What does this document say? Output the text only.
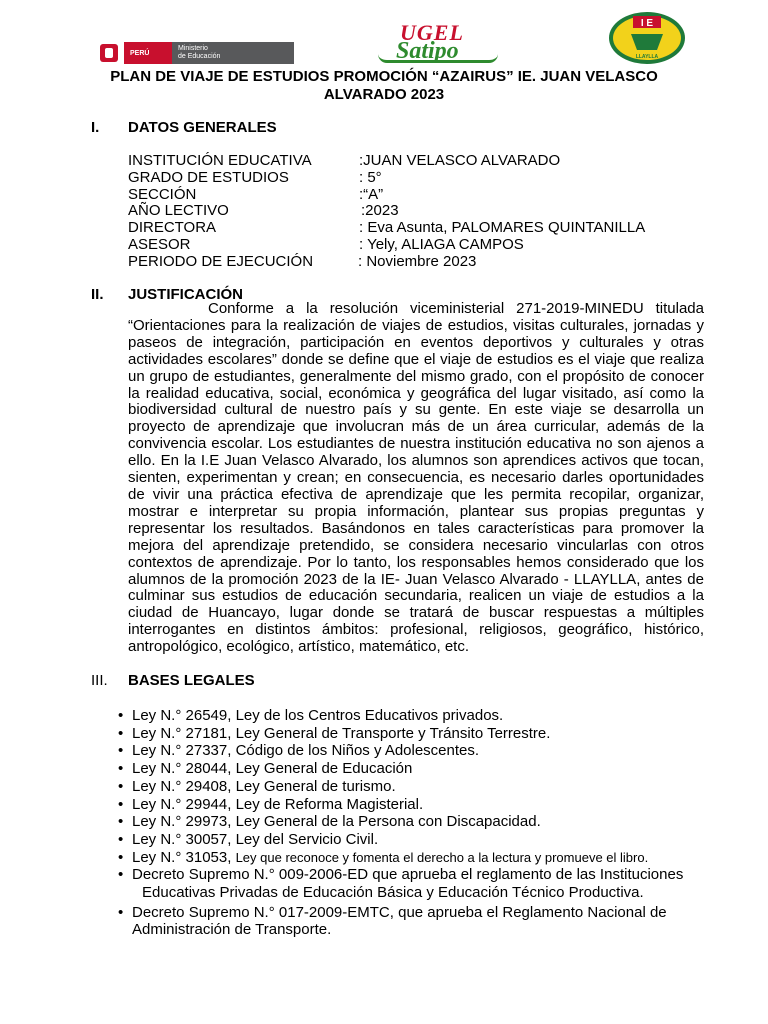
PERÚ
Ministerio
de Educación
UGEL
Satipo
I E
LLAYLLA
PLAN DE VIAJE DE ESTUDIOS PROMOCIÓN “AZAIRUS” IE. JUAN VELASCO
ALVARADO 2023
I. DATOS GENERALES
INSTITUCIÓN EDUCATIVA	:JUAN VELASCO ALVARADO
GRADO DE ESTUDIOS	: 5°
SECCIÓN	:“A”
AÑO LECTIVO	:2023
DIRECTORA	: Eva Asunta, PALOMARES QUINTANILLA
ASESOR	: Yely, ALIAGA CAMPOS
PERIODO DE EJECUCIÓN	: Noviembre 2023
II. JUSTIFICACIÓN

Conforme a la resolución viceministerial 271-2019-MINEDU titulada “Orientaciones para la realización de viajes de estudios, visitas culturales, jornadas y paseos de integración, participación en eventos deportivos y culturales y otras actividades escolares” donde se define que el viaje de estudios es el viaje que realiza un grupo de estudiantes, generalmente del mismo grado, con el propósito de conocer la realidad educativa, social, económica y geográfica del lugar visitado, así como la biodiversidad cultural de nuestro país y su gente. En este viaje se desarrolla un proyecto de aprendizaje que involucran más de un área curricular, además de la convivencia escolar. Los estudiantes de nuestra institución educativa no son ajenos a ello. En la I.E Juan Velasco Alvarado, los alumnos son aprendices activos que tocan, sienten, experimentan y crean; en consecuencia, es necesario darles oportunidades de vivir una práctica efectiva de aprendizaje que les permita recopilar, organizar, mostrar e interpretar su propia información, plantear sus propias preguntas y representar los resultados. Basándonos en tales características para promover la mejora del aprendizaje pretendido, se considera necesario vincularlas con otros contextos de aprendizaje. Por lo tanto, los responsables hemos considerado que los alumnos de la promoción 2023 de la IE- Juan Velasco Alvarado - LLAYLLA, antes de culminar sus estudios de educación secundaria, realicen un viaje de estudios a la ciudad de Huancayo, lugar donde se tratará de buscar respuestas a múltiples interrogantes en distintos ámbitos: profesional, religiosos, geográfico, histórico, antropológico, ecológico, artístico, matemático, etc.

III. BASES LEGALES
• Ley N.° 26549, Ley de los Centros Educativos privados.
• Ley N.° 27181, Ley General de Transporte y Tránsito Terrestre.
• Ley N.° 27337, Código de los Niños y Adolescentes.
• Ley N.° 28044, Ley General de Educación
• Ley N.° 29408, Ley General de turismo.
• Ley N.° 29944, Ley de Reforma Magisterial.
• Ley N.° 29973, Ley General de la Persona con Discapacidad.
• Ley N.° 30057, Ley del Servicio Civil.
• Ley N.° 31053, Ley que reconoce y fomenta el derecho a la lectura y promueve el libro.
• Decreto Supremo N.° 009-2006-ED que aprueba el reglamento de las Instituciones
Educativas Privadas de Educación Básica y Educación Técnico Productiva.
• Decreto Supremo N.° 017-2009-EMTC, que aprueba el Reglamento Nacional de
Administración de Transporte.
